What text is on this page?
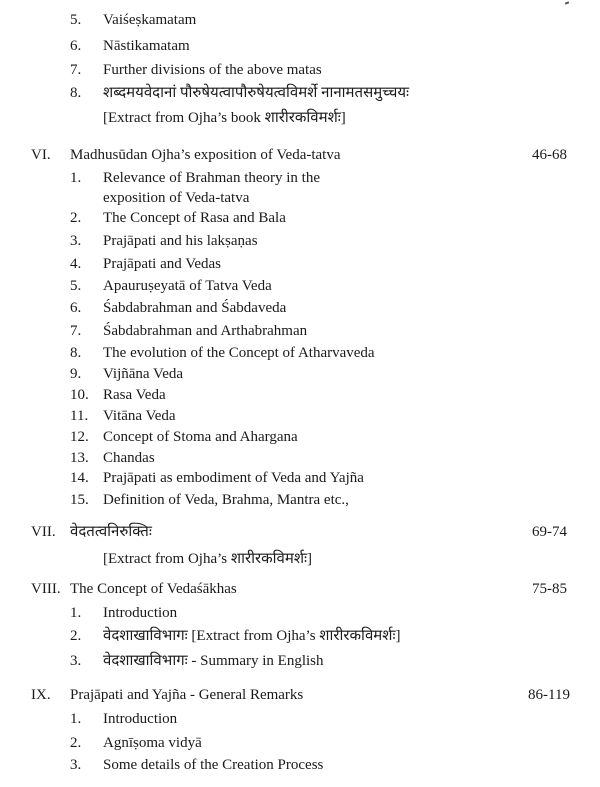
5. Vaiśeṣkamatam
6. Nāstikamatam
7. Further divisions of the above matas
8. शब्दमयवेदानां पौरुषेयत्वापौरुषेयत्वविमर्शे नानामतसमुच्चयः
[Extract from Ojha’s book शारीरकविमर्शः]
VI. Madhusūdan Ojha’s exposition of Veda-tatva	46-68
1. Relevance of Brahman theory in the
exposition of Veda-tatva
2. The Concept of Rasa and Bala
3. Prajāpati and his lakṣaṇas
4. Prajāpati and Vedas
5. Apauruṣeyatā of Tatva Veda
6. Śabdabrahman and Śabdaveda
7. Śabdabrahman and Arthabrahman
8. The evolution of the Concept of Atharvaveda
9. Vijñāna Veda
10. Rasa Veda
11. Vitāna Veda
12. Concept of Stoma and Ahargana
13. Chandas
14. Prajāpati as embodiment of Veda and Yajña
15. Definition of Veda, Brahma, Mantra etc.,
VII. वेदतत्वनिरुक्तिः	69-74
[Extract from Ojha’s शारीरकविमर्शः]
VIII. The Concept of Vedaśākhas	75-85
1. Introduction
2. वेदशाखाविभागः [Extract from Ojha’s शारीरकविमर्शः]
3. वेदशाखाविभागः - Summary in English
IX. Prajāpati and Yajña - General Remarks	86-119
1. Introduction
2. Agnīṣoma vidyā
3. Some details of the Creation Process
